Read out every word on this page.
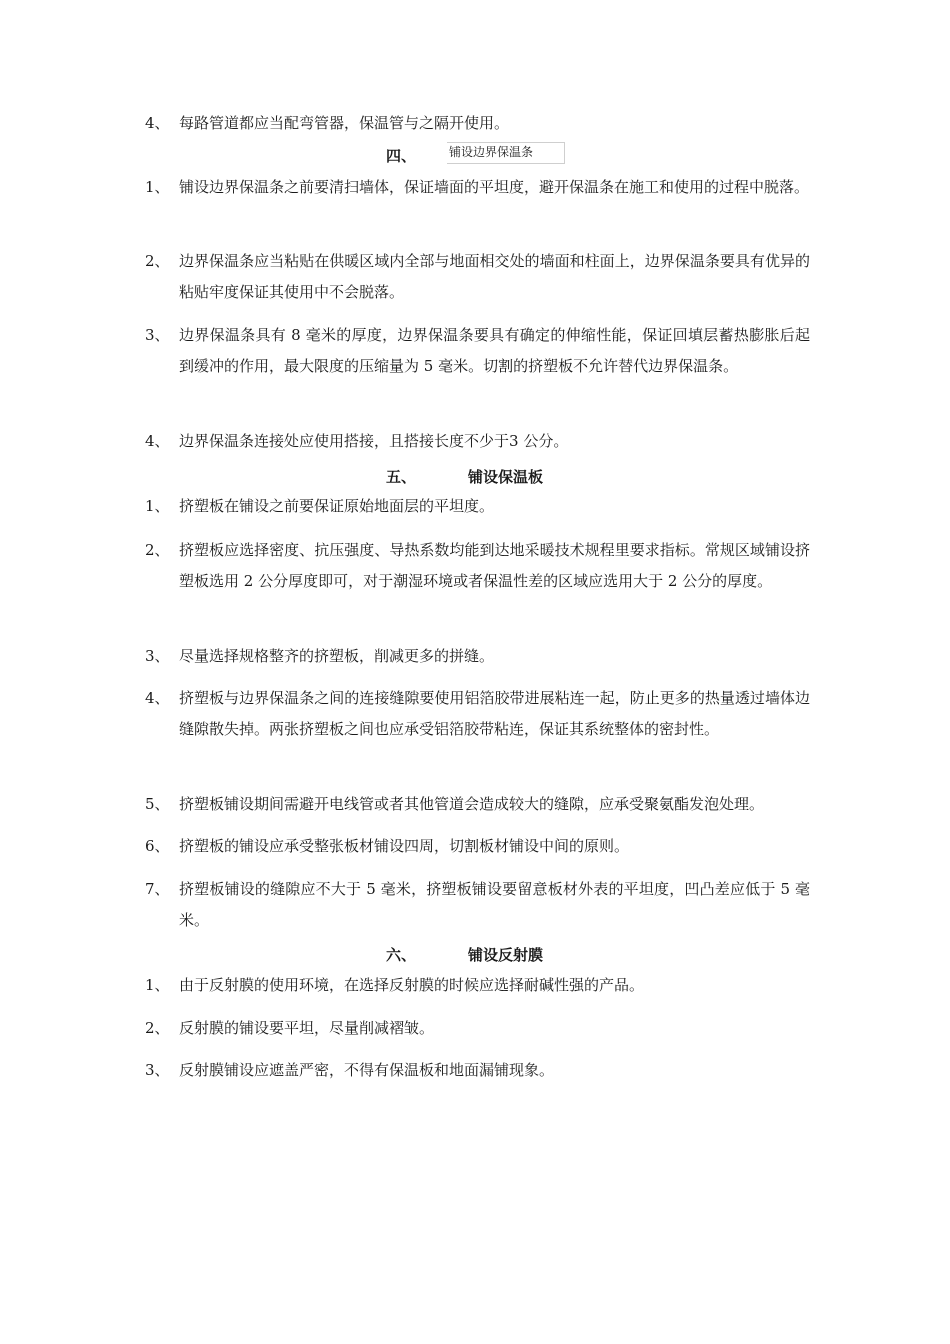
4、 每路管道都应当配弯管器，保温管与之隔开使用。
四、	铺设边界保温条
1、 铺设边界保温条之前要清扫墙体，保证墙面的平坦度，避开保温条在施工和使用的过程中脱落。
2、 边界保温条应当粘贴在供暖区域内全部与地面相交处的墙面和柱面上，边界保温条要具有优异的粘贴牢度保证其使用中不会脱落。
3、 边界保温条具有 8 毫米的厚度，边界保温条要具有确定的伸缩性能，保证回填层蓄热膨胀后起到缓冲的作用，最大限度的压缩量为 5 毫米。切割的挤塑板不允许替代边界保温条。
4、 边界保温条连接处应使用搭接，且搭接长度不少于3 公分。
五、	铺设保温板
1、 挤塑板在铺设之前要保证原始地面层的平坦度。
2、 挤塑板应选择密度、抗压强度、导热系数均能到达地采暖技术规程里要求指标。常规区域铺设挤塑板选用 2 公分厚度即可，对于潮湿环境或者保温性差的区域应选用大于 2 公分的厚度。
3、 尽量选择规格整齐的挤塑板，削减更多的拼缝。
4、 挤塑板与边界保温条之间的连接缝隙要使用铝箔胶带进展粘连一起，防止更多的热量透过墙体边缝隙散失掉。两张挤塑板之间也应承受铝箔胶带粘连，保证其系统整体的密封性。
5、 挤塑板铺设期间需避开电线管或者其他管道会造成较大的缝隙，应承受聚氨酯发泡处理。
6、 挤塑板的铺设应承受整张板材铺设四周，切割板材铺设中间的原则。
7、 挤塑板铺设的缝隙应不大于 5 毫米，挤塑板铺设要留意板材外表的平坦度，凹凸差应低于 5 毫米。
六、	铺设反射膜
1、 由于反射膜的使用环境，在选择反射膜的时候应选择耐碱性强的产品。
2、 反射膜的铺设要平坦，尽量削减褶皱。
3、 反射膜铺设应遮盖严密，不得有保温板和地面漏铺现象。
